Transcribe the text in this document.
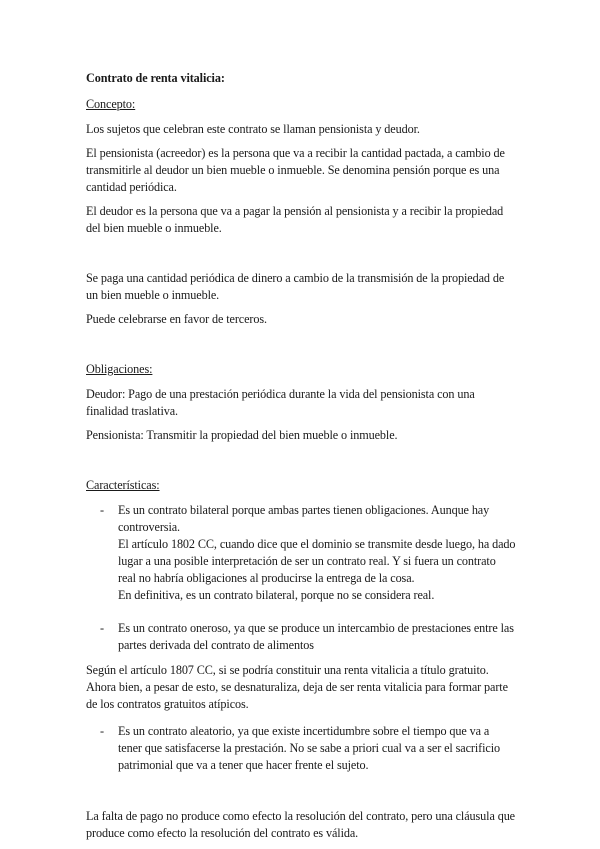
Contrato de renta vitalicia:

Concepto:

Los sujetos que celebran este contrato se llaman pensionista y deudor.

El pensionista (acreedor) es la persona que va a recibir la cantidad pactada, a cambio de transmitirle al deudor un bien mueble o inmueble. Se denomina pensión porque es una cantidad periódica.

El deudor es la persona que va a pagar la pensión al pensionista y a recibir la propiedad del bien mueble o inmueble.

Se paga una cantidad periódica de dinero a cambio de la transmisión de la propiedad de un bien mueble o inmueble.

Puede celebrarse en favor de terceros.

Obligaciones:

Deudor: Pago de una prestación periódica durante la vida del pensionista con una finalidad traslativa.

Pensionista: Transmitir la propiedad del bien mueble o inmueble.

Características:

- Es un contrato bilateral porque ambas partes tienen obligaciones. Aunque hay controversia.
El artículo 1802 CC, cuando dice que el dominio se transmite desde luego, ha dado lugar a una posible interpretación de ser un contrato real. Y si fuera un contrato real no habría obligaciones al producirse la entrega de la cosa.
En definitiva, es un contrato bilateral, porque no se considera real.
- Es un contrato oneroso, ya que se produce un intercambio de prestaciones entre las partes derivada del contrato de alimentos

Según el artículo 1807 CC, si se podría constituir una renta vitalicia a título gratuito. Ahora bien, a pesar de esto, se desnaturaliza, deja de ser renta vitalicia para formar parte de los contratos gratuitos atípicos.

- Es un contrato aleatorio, ya que existe incertidumbre sobre el tiempo que va a tener que satisfacerse la prestación. No se sabe a priori cual va a ser el sacrificio patrimonial que va a tener que hacer frente el sujeto.

La falta de pago no produce como efecto la resolución del contrato, pero una cláusula que produce como efecto la resolución del contrato es válida.
